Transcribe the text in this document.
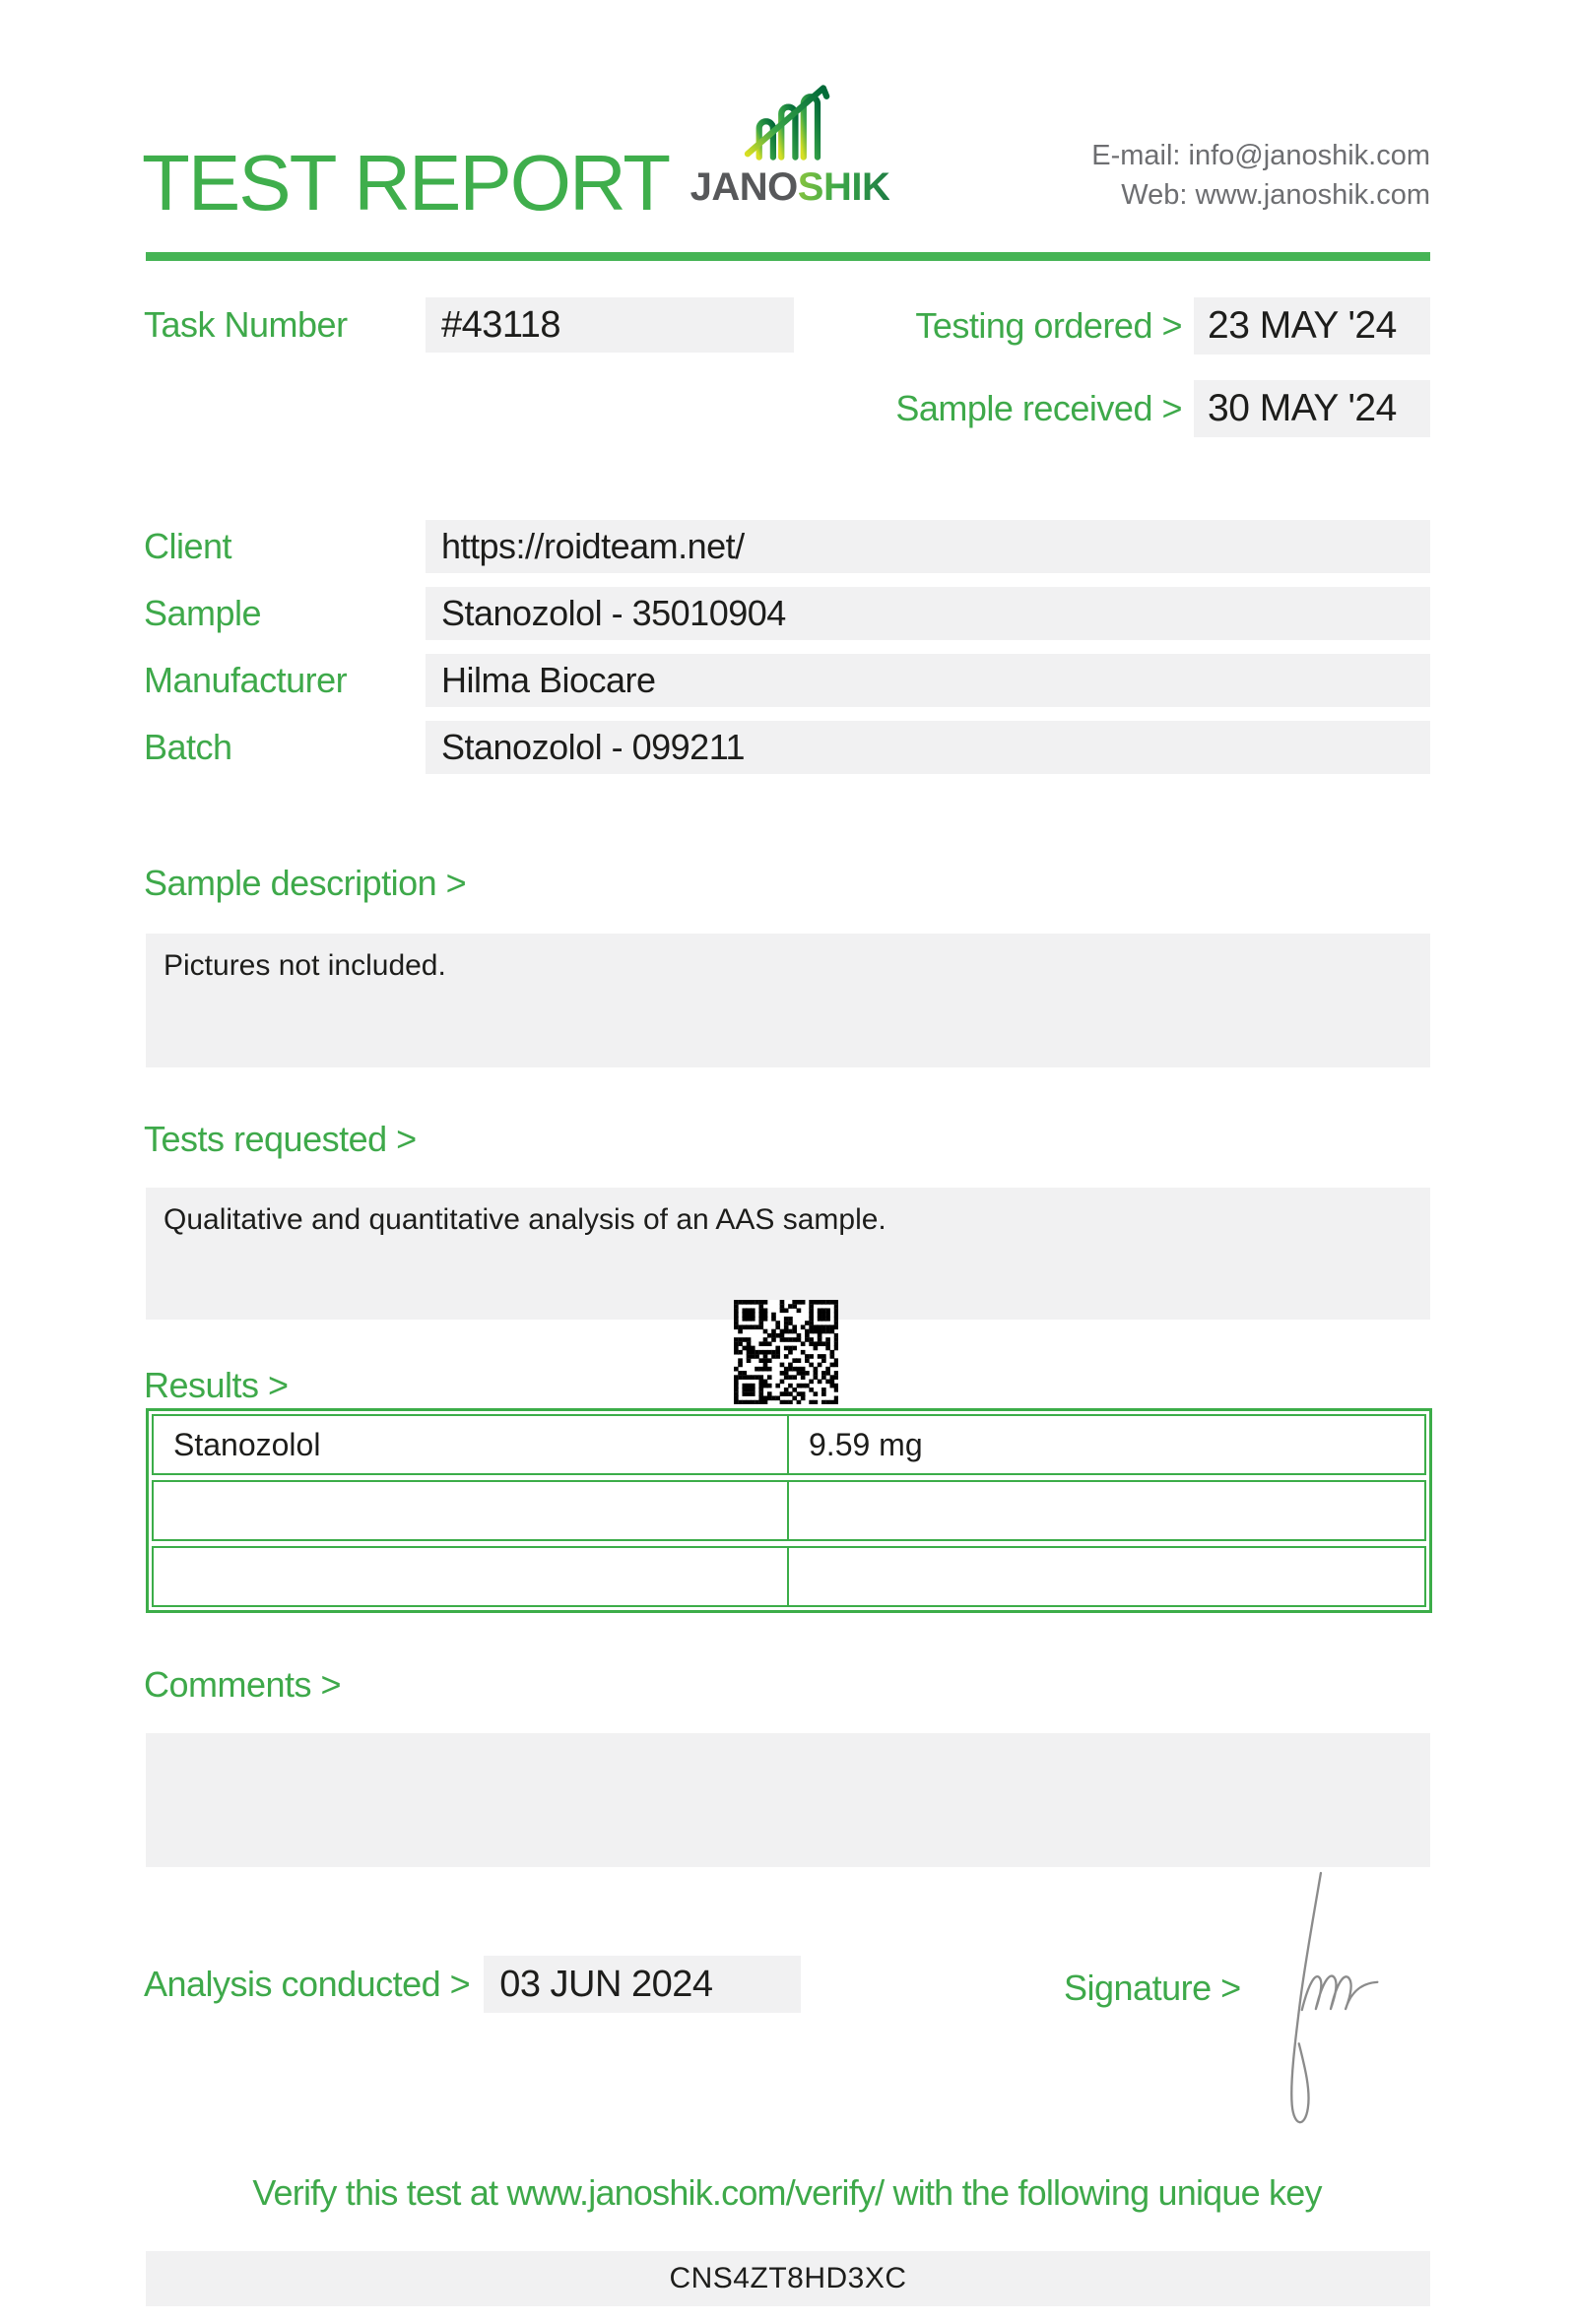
TEST REPORT JANOSHIK
E-mail: info@janoshik.com
Web: www.janoshik.com
Task Number	#43118	Testing ordered > 23 MAY '24
Sample received > 30 MAY '24
Client	https://roidteam.net/
Sample	Stanozolol - 35010904
Manufacturer	Hilma Biocare
Batch	Stanozolol - 099211
Sample description >
Pictures not included.
Tests requested >
Qualitative and quantitative analysis of an AAS sample.
Results >
Stanozolol	9.59 mg
Comments >
Analysis conducted > 03 JUN 2024	Signature >
Verify this test at www.janoshik.com/verify/ with the following unique key
CNS4ZT8HD3XC
